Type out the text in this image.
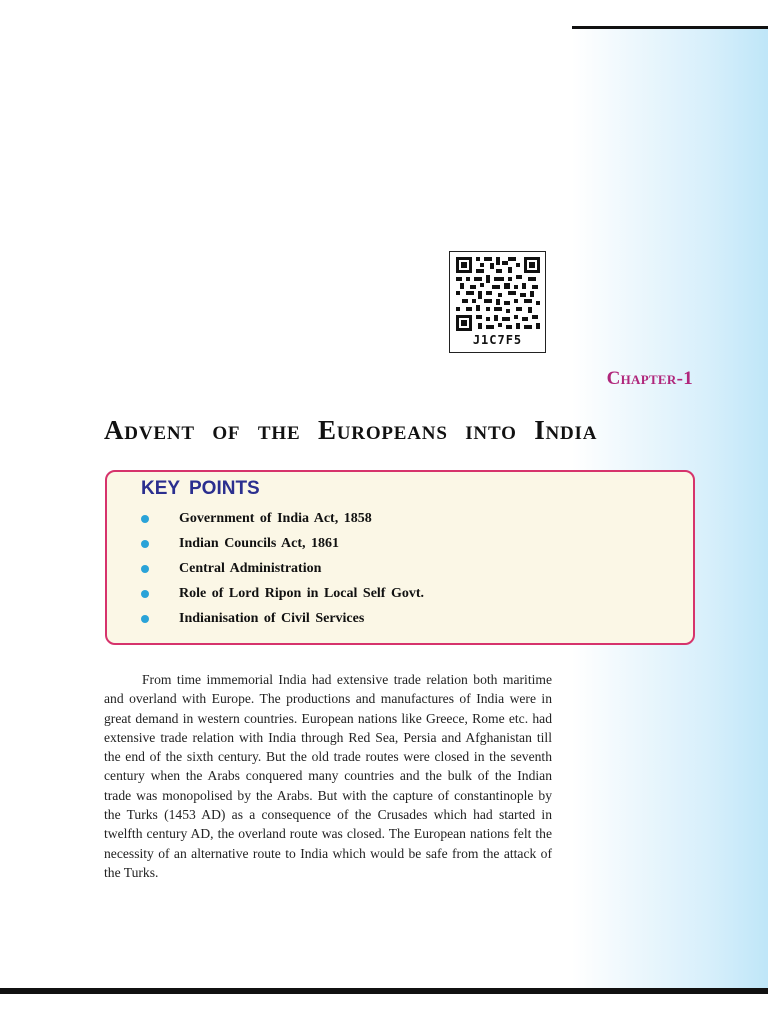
J1C7F5
Chapter-1
Advent of the Europeans into India
KEY POINTS
Government of India Act, 1858
Indian Councils Act, 1861
Central Administration
Role of Lord Ripon in Local Self Govt.
Indianisation of Civil Services

From time immemorial India had extensive trade relation both maritime and overland with Europe. The productions and manufactures of India were in great demand in western countries. European nations like Greece, Rome etc. had extensive trade relation with India through Red Sea, Persia and Afghanistan till the end of the sixth century. But the old trade routes were closed in the seventh century when the Arabs conquered many countries and the bulk of the Indian trade was monopolised by the Arabs. But with the capture of constantinople by the Turks (1453 AD) as a consequence of the Crusades which had started in twelfth century AD, the overland route was closed. The European nations felt the necessity of an alternative route to India which would be safe from the attack of the Turks.
